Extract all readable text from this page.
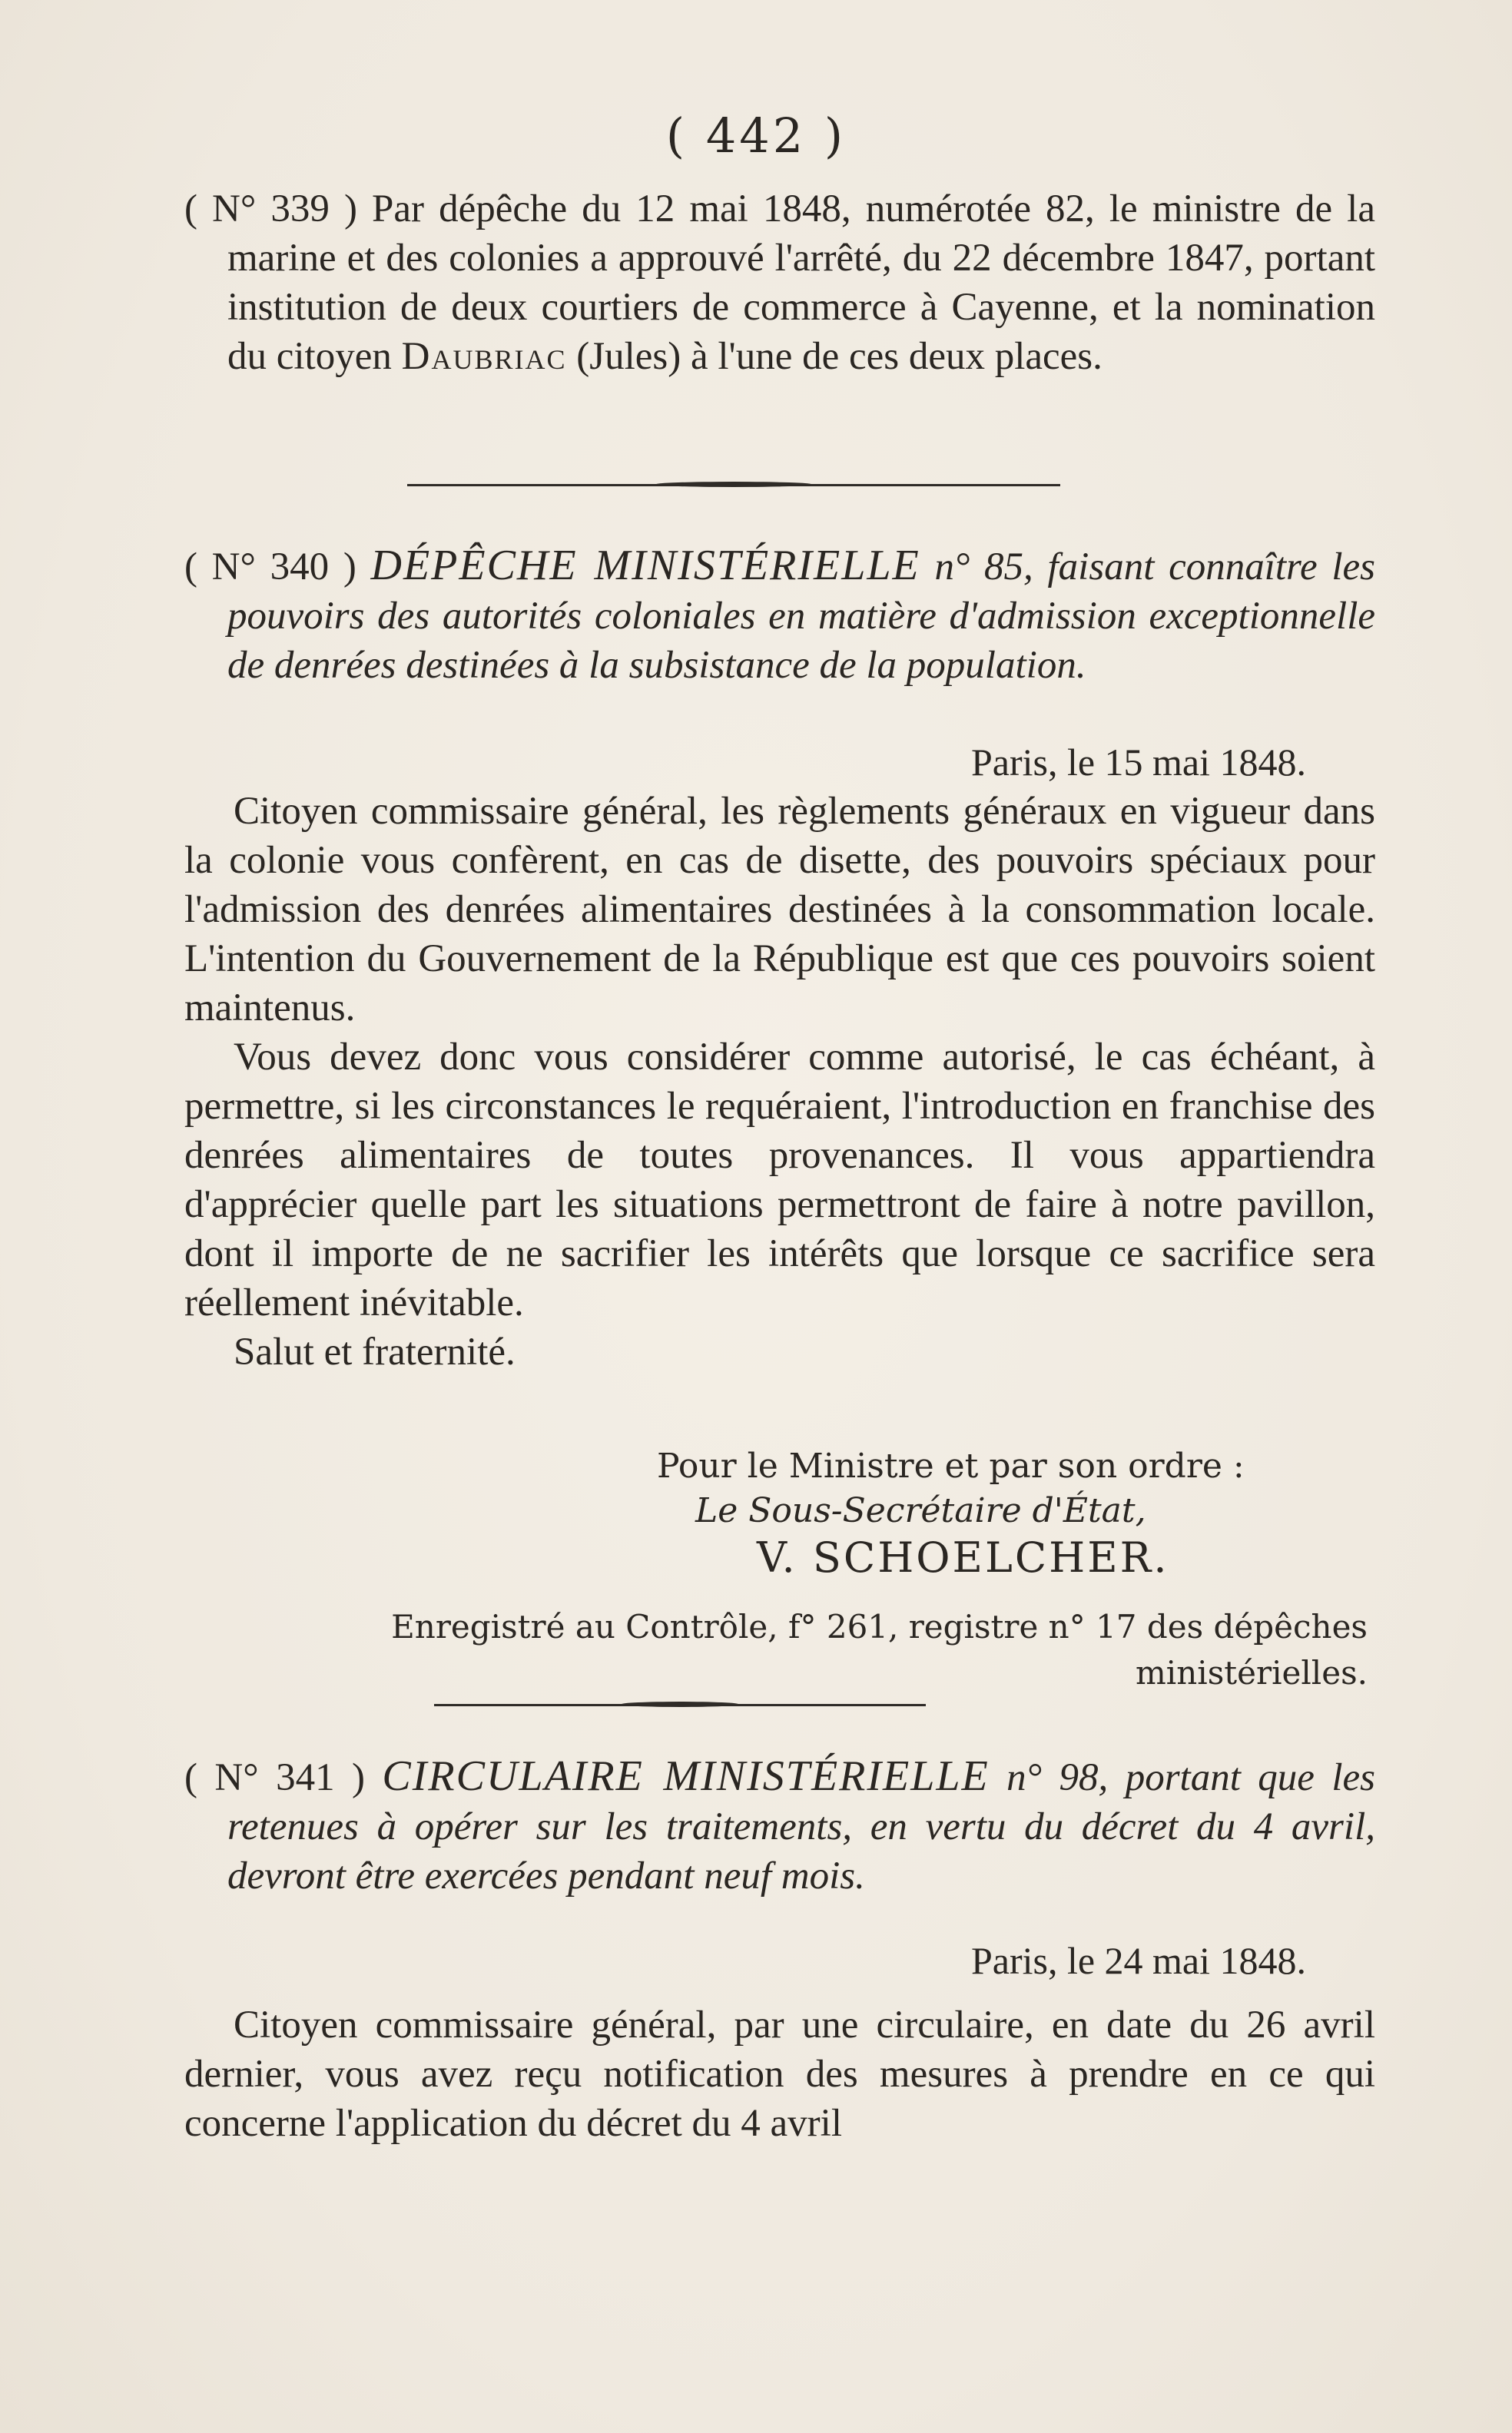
( 442 )

( N° 339 ) Par dépêche du 12 mai 1848, numérotée 82, le ministre de la marine et des colonies a approuvé l'arrêté, du 22 décembre 1847, portant institution de deux courtiers de commerce à Cayenne, et la nomination du citoyen Daubriac (Jules) à l'une de ces deux places.

( N° 340 ) DÉPÊCHE MINISTÉRIELLE n° 85, faisant connaître les pouvoirs des autorités coloniales en matière d'admission exceptionnelle de denrées destinées à la subsistance de la population.

Paris, le 15 mai 1848.

Citoyen commissaire général, les règlements généraux en vigueur dans la colonie vous confèrent, en cas de disette, des pouvoirs spéciaux pour l'admission des denrées alimentaires destinées à la consommation locale. L'intention du Gouvernement de la République est que ces pouvoirs soient maintenus.

Vous devez donc vous considérer comme autorisé, le cas échéant, à permettre, si les circonstances le requéraient, l'introduction en franchise des denrées alimentaires de toutes provenances. Il vous appartiendra d'apprécier quelle part les situations permettront de faire à notre pavillon, dont il importe de ne sacrifier les intérêts que lorsque ce sacrifice sera réellement inévitable.

Salut et fraternité.

Pour le Ministre et par son ordre :

Le Sous-Secrétaire d'État,

V. SCHOELCHER.

Enregistré au Contrôle, f° 261, registre n° 17 des dépêches ministérielles.

( N° 341 ) CIRCULAIRE MINISTÉRIELLE n° 98, portant que les retenues à opérer sur les traitements, en vertu du décret du 4 avril, devront être exercées pendant neuf mois.

Paris, le 24 mai 1848.

Citoyen commissaire général, par une circulaire, en date du 26 avril dernier, vous avez reçu notification des mesures à prendre en ce qui concerne l'application du décret du 4 avril
